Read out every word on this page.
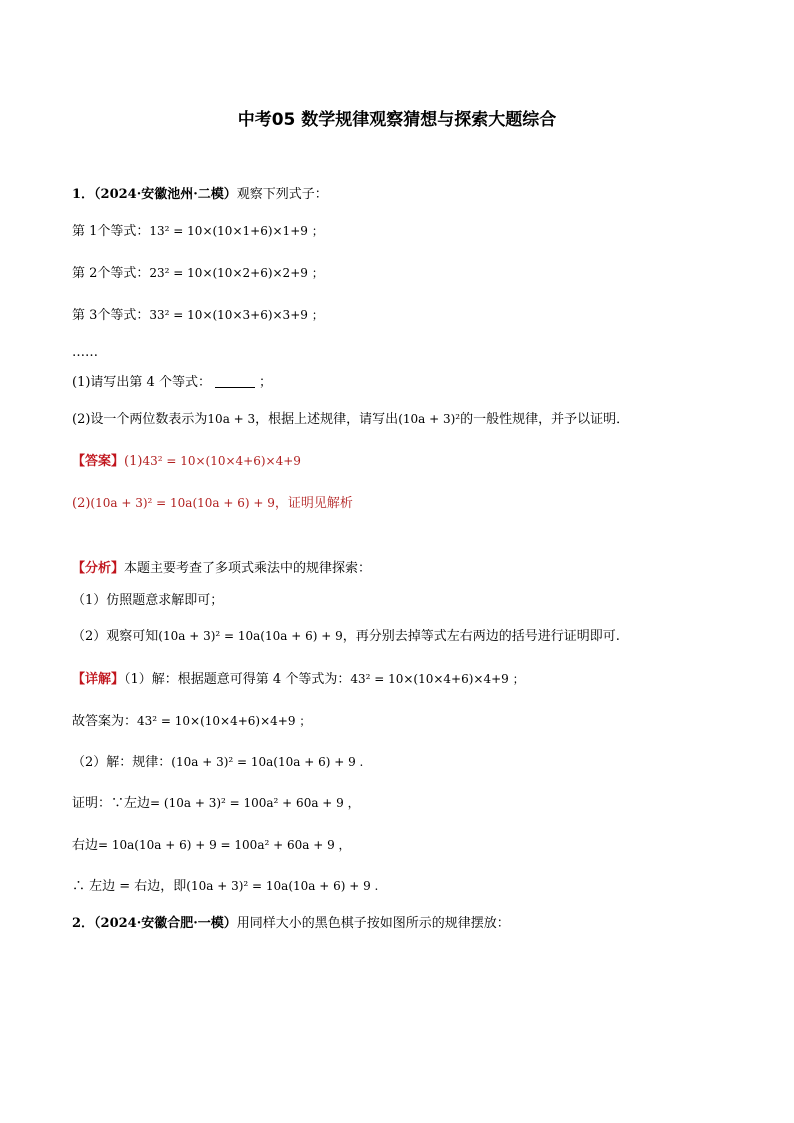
中考05 数学规律观察猜想与探索大题综合
1．（2024·安徽池州·二模）观察下列式子：
第 1个等式：13² = 10×(10×1+6)×1+9 ；
第 2个等式：23² = 10×(10×2+6)×2+9 ；
第 3个等式：33² = 10×(10×3+6)×3+9 ；
……
(1)请写出第 4 个等式：	；
(2)设一个两位数表示为10a + 3，根据上述规律，请写出(10a + 3)²的一般性规律，并予以证明．
【答案】(1)43² = 10×(10×4+6)×4+9
(2)(10a + 3)² = 10a(10a + 6) + 9，证明见解析
【分析】本题主要考查了多项式乘法中的规律探索：
（1）仿照题意求解即可；
（2）观察可知(10a + 3)² = 10a(10a + 6) + 9，再分别去掉等式左右两边的括号进行证明即可.
【详解】（1）解：根据题意可得第 4 个等式为：43² = 10×(10×4+6)×4+9 ；
故答案为：43² = 10×(10×4+6)×4+9 ；
（2）解：规律：(10a + 3)² = 10a(10a + 6) + 9 .
证明：∵左边= (10a + 3)² = 100a² + 60a + 9 ，
右边= 10a(10a + 6) + 9 = 100a² + 60a + 9 ，
∴ 左边 = 右边，即(10a + 3)² = 10a(10a + 6) + 9 .
2．（2024·安徽合肥·一模）用同样大小的黑色棋子按如图所示的规律摆放：
